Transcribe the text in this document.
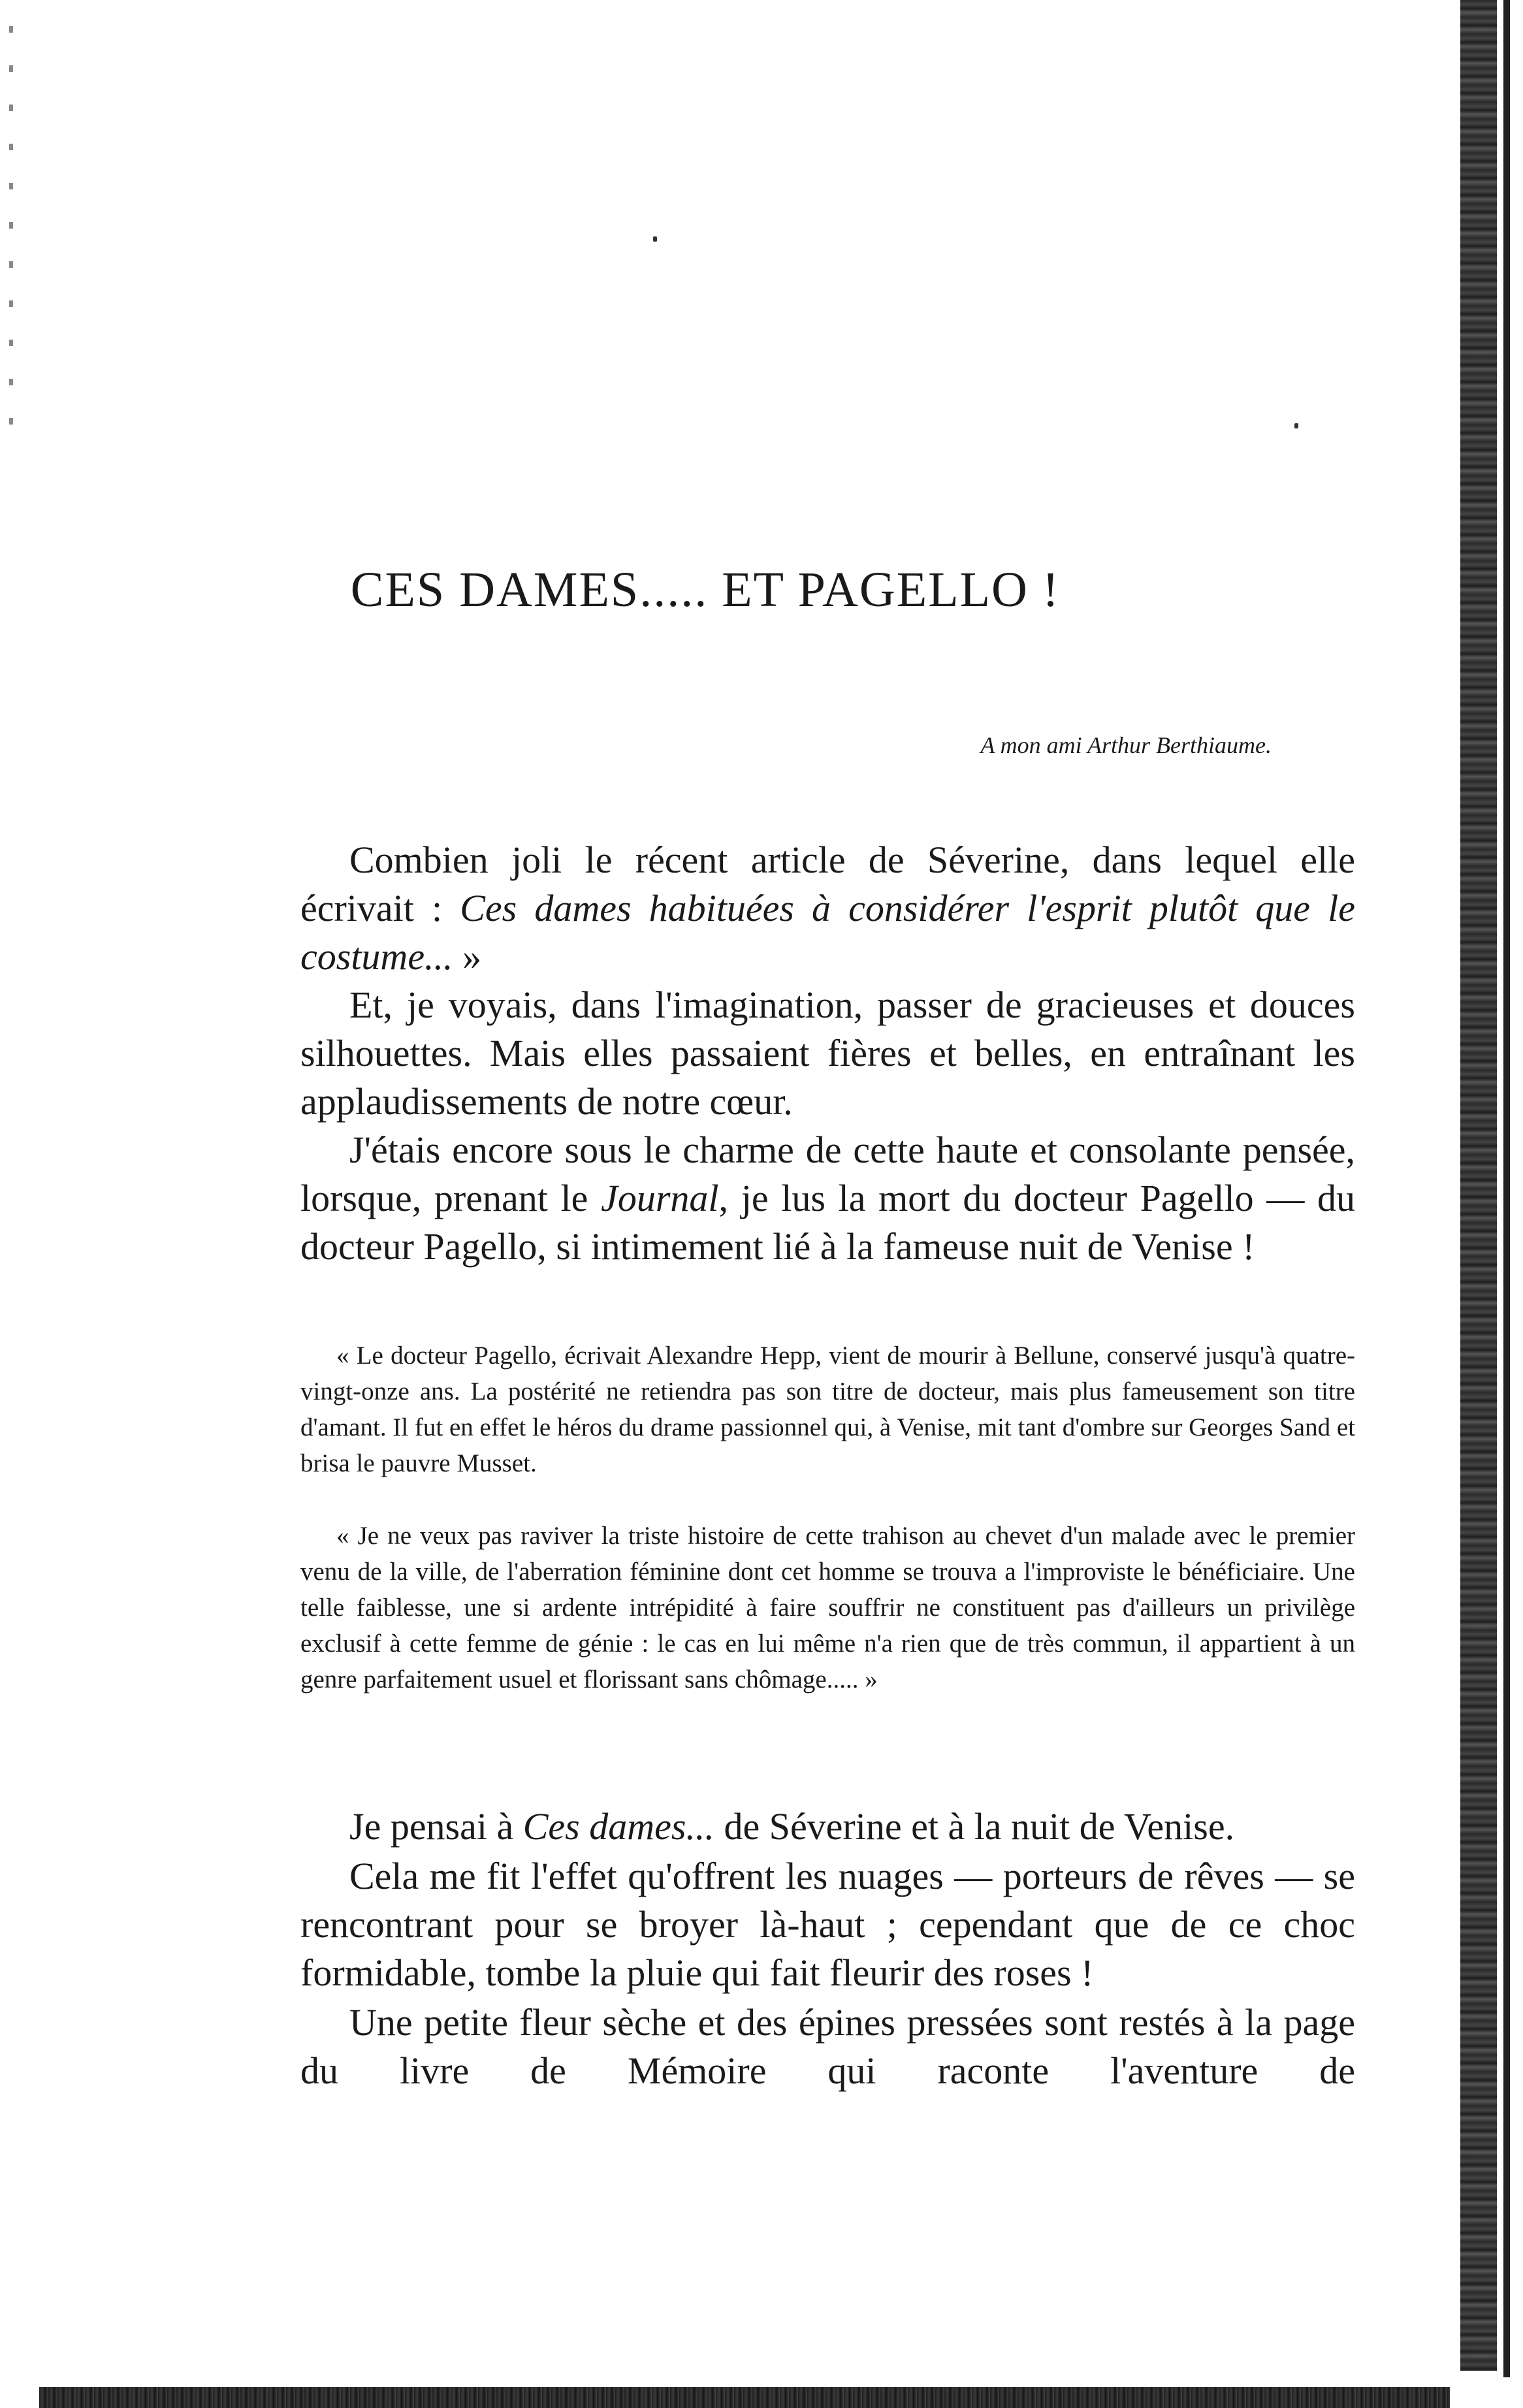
CES DAMES..... ET PAGELLO !

A mon ami Arthur Berthiaume.

Combien joli le récent article de Séverine, dans lequel elle écrivait : Ces dames habituées à considérer l'esprit plutôt que le costume... »

Et, je voyais, dans l'imagination, passer de gracieuses et douces silhouettes. Mais elles passaient fières et belles, en entraînant les applaudissements de notre cœur.

J'étais encore sous le charme de cette haute et consolante pensée, lorsque, prenant le Journal, je lus la mort du docteur Pagello — du docteur Pagello, si intimement lié à la fameuse nuit de Venise !

« Le docteur Pagello, écrivait Alexandre Hepp, vient de mourir à Bellune, conservé jusqu'à quatre-vingt-onze ans. La postérité ne retiendra pas son titre de docteur, mais plus fameusement son titre d'amant. Il fut en effet le héros du drame passionnel qui, à Venise, mit tant d'ombre sur Georges Sand et brisa le pauvre Musset.

« Je ne veux pas raviver la triste histoire de cette trahison au chevet d'un malade avec le premier venu de la ville, de l'aberration féminine dont cet homme se trouva a l'improviste le bénéficiaire. Une telle faiblesse, une si ardente intrépidité à faire souffrir ne constituent pas d'ailleurs un privilège exclusif à cette femme de génie : le cas en lui même n'a rien que de très commun, il appartient à un genre parfaitement usuel et florissant sans chômage..... »

Je pensai à Ces dames... de Séverine et à la nuit de Venise.

Cela me fit l'effet qu'offrent les nuages — porteurs de rêves — se rencontrant pour se broyer là-haut ; cependant que de ce choc formidable, tombe la pluie qui fait fleurir des roses !

Une petite fleur sèche et des épines pressées sont restés à la page du livre de Mémoire qui raconte l'aventure de
